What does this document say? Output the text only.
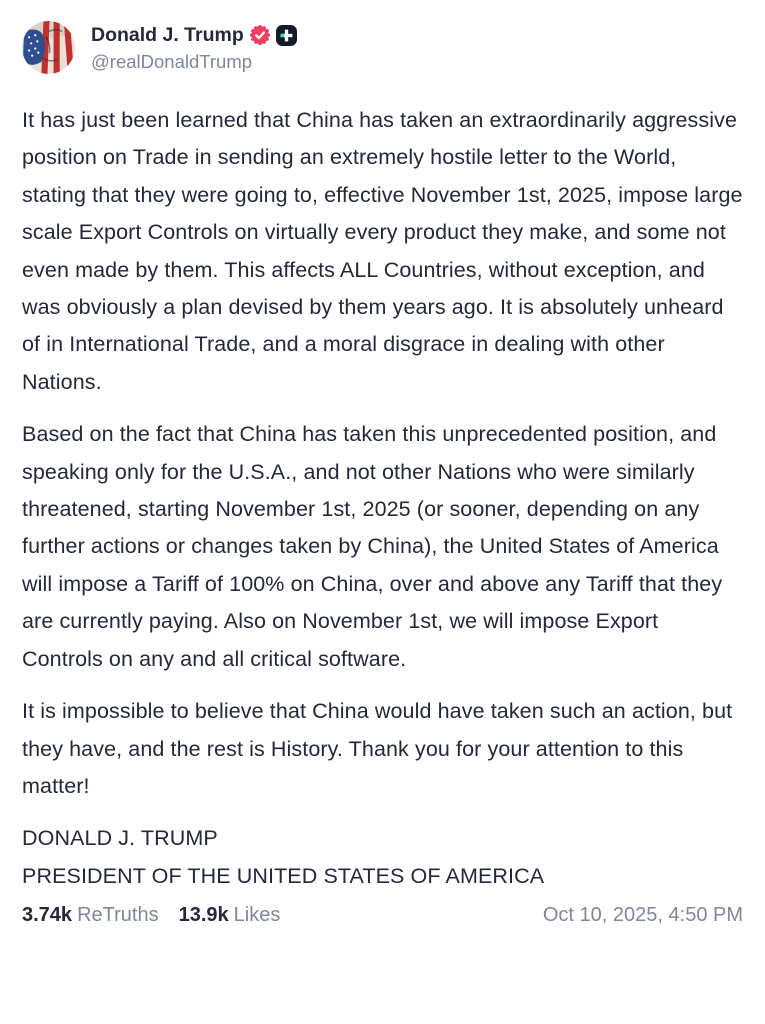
Donald J. Trump
@realDonaldTrump

It has just been learned that China has taken an extraordinarily aggressive position on Trade in sending an extremely hostile letter to the World, stating that they were going to, effective November 1st, 2025, impose large scale Export Controls on virtually every product they make, and some not even made by them. This affects ALL Countries, without exception, and was obviously a plan devised by them years ago. It is absolutely unheard of in International Trade, and a moral disgrace in dealing with other Nations.

Based on the fact that China has taken this unprecedented position, and speaking only for the U.S.A., and not other Nations who were similarly threatened, starting November 1st, 2025 (or sooner, depending on any further actions or changes taken by China), the United States of America will impose a Tariff of 100% on China, over and above any Tariff that they are currently paying. Also on November 1st, we will impose Export Controls on any and all critical software.

It is impossible to believe that China would have taken such an action, but they have, and the rest is History. Thank you for your attention to this matter!

DONALD J. TRUMP
PRESIDENT OF THE UNITED STATES OF AMERICA
3.74k ReTruths 13.9k Likes	Oct 10, 2025, 4:50 PM
